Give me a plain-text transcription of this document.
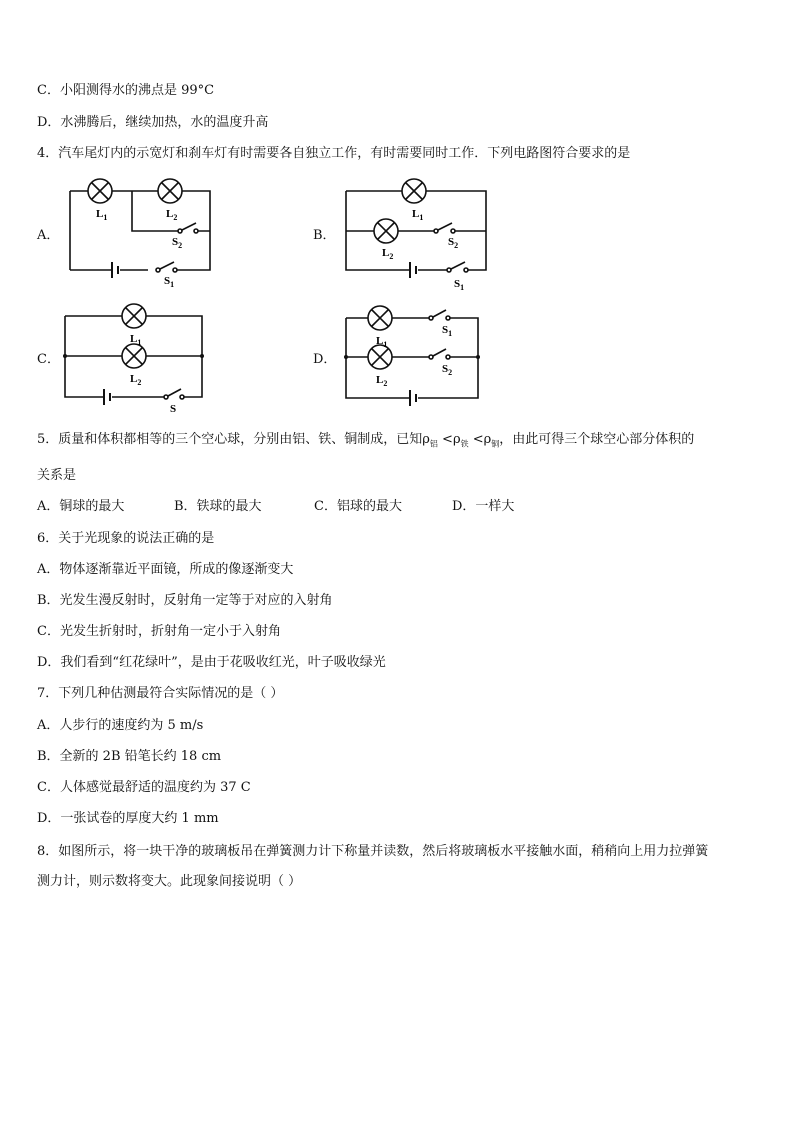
C．小阳测得水的沸点是 99°C
D．水沸腾后，继续加热，水的温度升高
4．汽车尾灯内的示宽灯和刹车灯有时需要各自独立工作，有时需要同时工作．下列电路图符合要求的是
A．
$L_1$	$L_2$
$S_2$
$S_1$
B．
$L_1$
$L_2$
$S_2$
$S_1$
C．
$L_1$
$L_2$
S
D．
$L_1$
$L_2$
$S_1$
$S_2$
5．质量和体积都相等的三个空心球，分别由铝、铁、铜制成，已知$\rho_铝 <\rho_铁 <\rho_铜$，由此可得三个球空心部分体积的
关系是
A．铜球的最大	B．铁球的最大	C．铝球的最大	D．一样大
6．关于光现象的说法正确的是
A．物体逐渐靠近平面镜，所成的像逐渐变大
B．光发生漫反射时，反射角一定等于对应的入射角
C．光发生折射时，折射角一定小于入射角
D．我们看到“红花绿叶”，是由于花吸收红光，叶子吸收绿光
7．下列几种估测最符合实际情况的是（ ）
A．人步行的速度约为 5 m/s
B．全新的 2B 铅笔长约 18 cm
C．人体感觉最舒适的温度约为 37 C
D．一张试卷的厚度大约 1 mm
8．如图所示，将一块干净的玻璃板吊在弹簧测力计下称量并读数，然后将玻璃板水平接触水面，稍稍向上用力拉弹簧
测力计，则示数将变大。此现象间接说明（ ）
